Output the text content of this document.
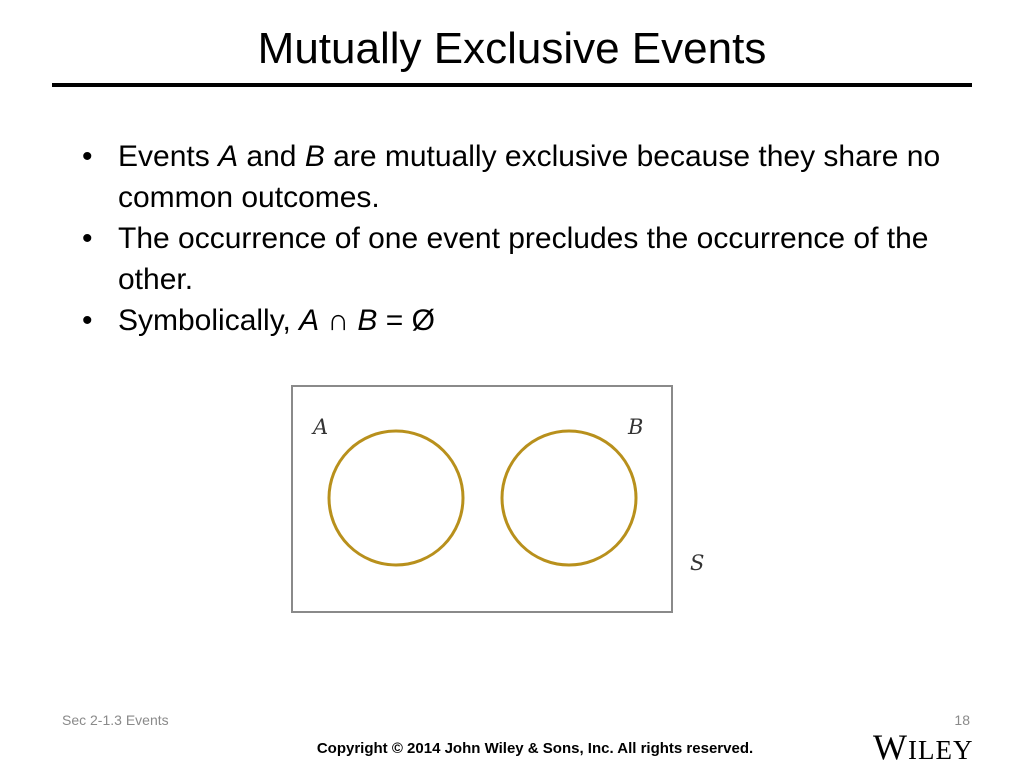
Mutually Exclusive Events
• Events A and B are mutually exclusive because they share no common outcomes.
• The occurrence of one event precludes the occurrence of the other.
• Symbolically, A ∩ B = Ø
A	B
S
Sec 2-1.3 Events	18
Copyright © 2014 John Wiley & Sons, Inc. All rights reserved.	WILEY
